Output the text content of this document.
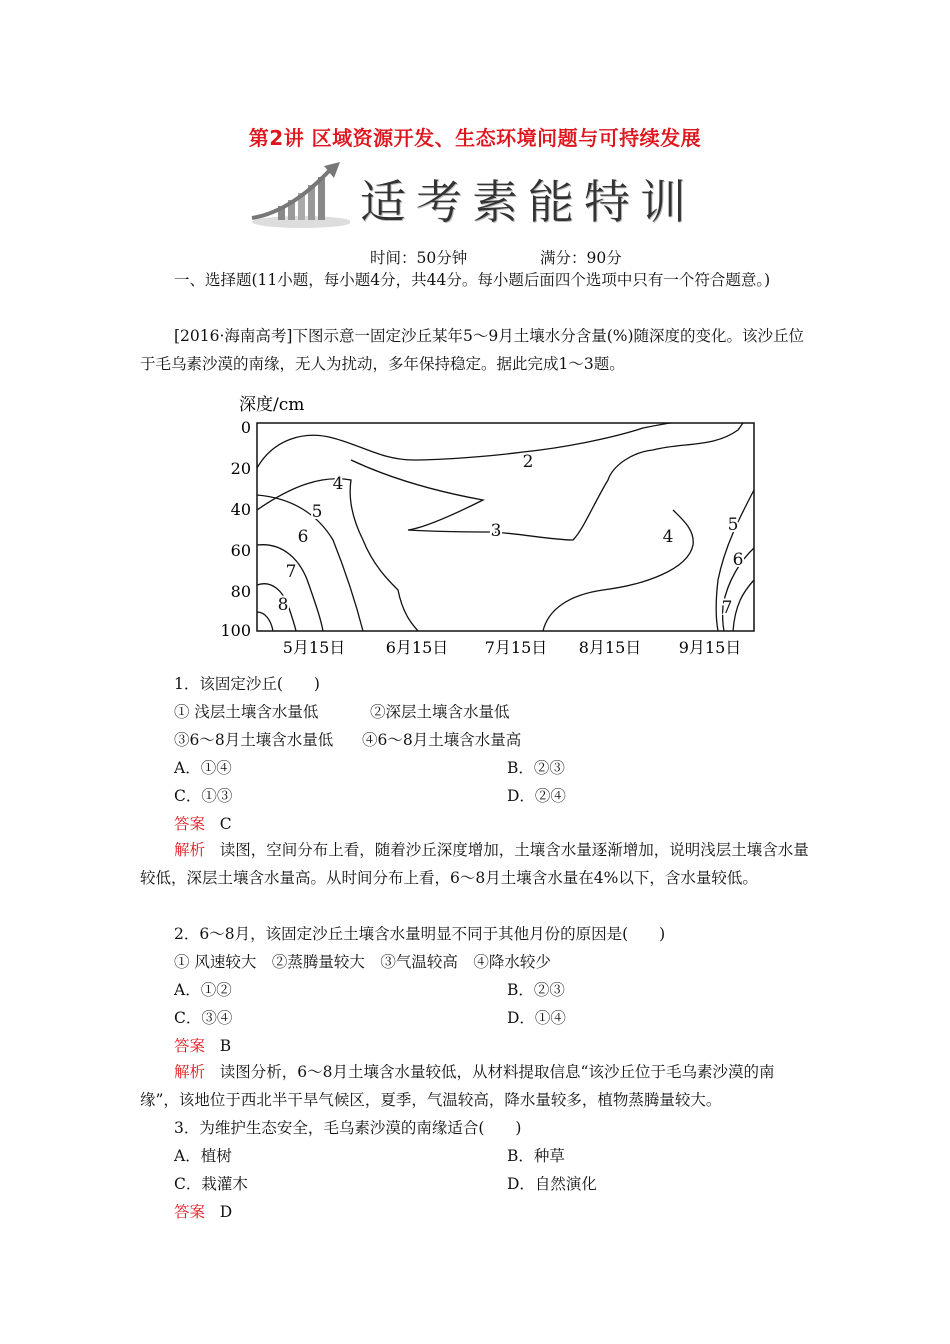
第2讲 区域资源开发、生态环境问题与可持续发展
适考素能特训
时间：50分钟	满分：90分
一、选择题(11小题，每小题4分，共44分。每小题后面四个选项中只有一个符合题意。)
[2016·海南高考]下图示意一固定沙丘某年5～9月土壤水分含量(%)随深度的变化。该沙丘位于毛乌素沙漠的南缘，无人为扰动，多年保持稳定。据此完成1～3题。
深度/cm
0
20
40
60
80
100
2
3
4
4
5
5
6
6
7
7
8
5月15日	6月15日 7月15日 8月15日 9月15日
1．该固定沙丘(　　)
① 浅层土壤含水量低	②深层土壤含水量低
③6～8月土壤含水量低 ④6～8月土壤含水量高
A．①④	B．②③
C．①③	D．②④
答案 C
解析 读图，空间分布上看，随着沙丘深度增加，土壤含水量逐渐增加，说明浅层土壤含水量较低，深层土壤含水量高。从时间分布上看，6～8月土壤含水量在4%以下，含水量较低。
2．6～8月，该固定沙丘土壤含水量明显不同于其他月份的原因是(　　)
① 风速较大　②蒸腾量较大　③气温较高　④降水较少
A．①②	B．②③
C．③④	D．①④
答案 B
解析 读图分析，6～8月土壤含水量较低，从材料提取信息“该沙丘位于毛乌素沙漠的南缘”，该地位于西北半干旱气候区，夏季，气温较高，降水量较多，植物蒸腾量较大。
3．为维护生态安全，毛乌素沙漠的南缘适合(　　)
A．植树	B．种草
C．栽灌木	D．自然演化
答案 D
